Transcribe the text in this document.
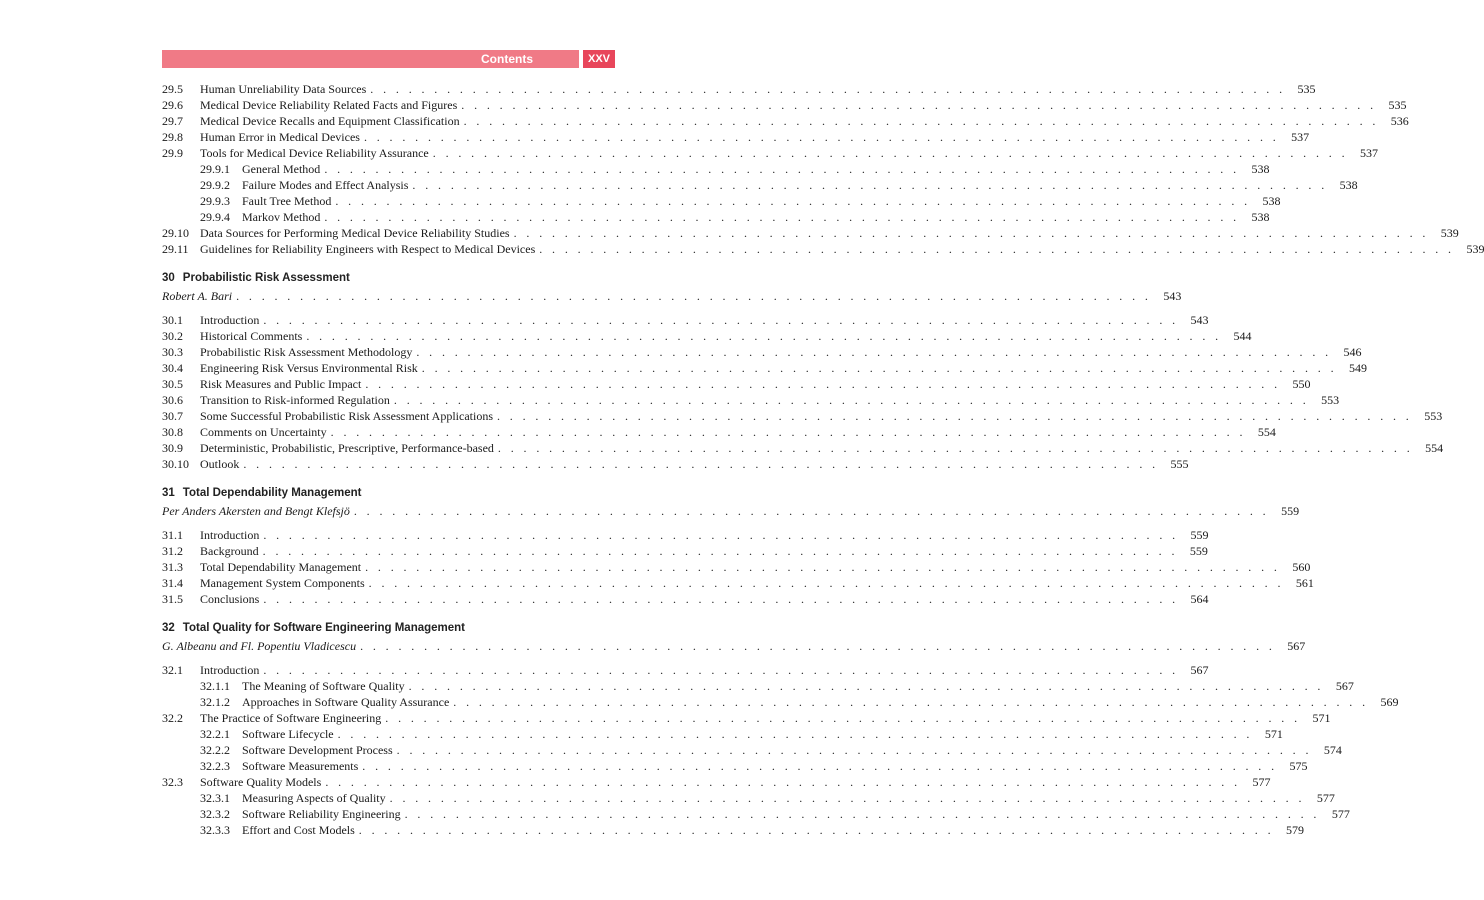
Contents	XXV
29.5 Human Unreliability Data Sources . . . . . . . . . . . . . . . . . . . . . . . . . . . . . . . . . . . . . . . . . . . . . . . . . . . . . . . . . . . . . . . . . . . . . . . .	535
29.6 Medical Device Reliability Related Facts and Figures . . . . . . . . . . . . . . . . . . . . . . . . . . . . . . . . . . . . . . . . . . . . . . . . . . . . . . . . . . . . . . . . . . . . . . . .	535
29.7 Medical Device Recalls and Equipment Classification . . . . . . . . . . . . . . . . . . . . . . . . . . . . . . . . . . . . . . . . . . . . . . . . . . . . . . . . . . . . . . . . . . . . . . . .	536
29.8 Human Error in Medical Devices . . . . . . . . . . . . . . . . . . . . . . . . . . . . . . . . . . . . . . . . . . . . . . . . . . . . . . . . . . . . . . . . . . . . . . . .	537
29.9 Tools for Medical Device Reliability Assurance . . . . . . . . . . . . . . . . . . . . . . . . . . . . . . . . . . . . . . . . . . . . . . . . . . . . . . . . . . . . . . . . . . . . . . . .	537
29.9.1 General Method . . . . . . . . . . . . . . . . . . . . . . . . . . . . . . . . . . . . . . . . . . . . . . . . . . . . . . . . . . . . . . . . . . . . . . . .	538
29.9.2 Failure Modes and Effect Analysis . . . . . . . . . . . . . . . . . . . . . . . . . . . . . . . . . . . . . . . . . . . . . . . . . . . . . . . . . . . . . . . . . . . . . . . .	538
29.9.3 Fault Tree Method . . . . . . . . . . . . . . . . . . . . . . . . . . . . . . . . . . . . . . . . . . . . . . . . . . . . . . . . . . . . . . . . . . . . . . . .	538
29.9.4 Markov Method . . . . . . . . . . . . . . . . . . . . . . . . . . . . . . . . . . . . . . . . . . . . . . . . . . . . . . . . . . . . . . . . . . . . . . . .	538
29.10 Data Sources for Performing Medical Device Reliability Studies . . . . . . . . . . . . . . . . . . . . . . . . . . . . . . . . . . . . . . . . . . . . . . . . . . . . . . . . . . . . . . . . . . . . . . . .	539
29.11 Guidelines for Reliability Engineers with Respect to Medical Devices . . . . . . . . . . . . . . . . . . . . . . . . . . . . . . . . . . . . . . . . . . . . . . . . . . . . . . . . . . . . . . . . . . . . . . . .	539
30 Probabilistic Risk Assessment
Robert A. Bari . . . . . . . . . . . . . . . . . . . . . . . . . . . . . . . . . . . . . . . . . . . . . . . . . . . . . . . . . . . . . . . . . . . . . . . .	543
30.1 Introduction . . . . . . . . . . . . . . . . . . . . . . . . . . . . . . . . . . . . . . . . . . . . . . . . . . . . . . . . . . . . . . . . . . . . . . . .	543
30.2 Historical Comments . . . . . . . . . . . . . . . . . . . . . . . . . . . . . . . . . . . . . . . . . . . . . . . . . . . . . . . . . . . . . . . . . . . . . . . .	544
30.3 Probabilistic Risk Assessment Methodology . . . . . . . . . . . . . . . . . . . . . . . . . . . . . . . . . . . . . . . . . . . . . . . . . . . . . . . . . . . . . . . . . . . . . . . .	546
30.4 Engineering Risk Versus Environmental Risk . . . . . . . . . . . . . . . . . . . . . . . . . . . . . . . . . . . . . . . . . . . . . . . . . . . . . . . . . . . . . . . . . . . . . . . .	549
30.5 Risk Measures and Public Impact . . . . . . . . . . . . . . . . . . . . . . . . . . . . . . . . . . . . . . . . . . . . . . . . . . . . . . . . . . . . . . . . . . . . . . . .	550
30.6 Transition to Risk-informed Regulation . . . . . . . . . . . . . . . . . . . . . . . . . . . . . . . . . . . . . . . . . . . . . . . . . . . . . . . . . . . . . . . . . . . . . . . .	553
30.7 Some Successful Probabilistic Risk Assessment Applications . . . . . . . . . . . . . . . . . . . . . . . . . . . . . . . . . . . . . . . . . . . . . . . . . . . . . . . . . . . . . . . . . . . . . . . .	553
30.8 Comments on Uncertainty . . . . . . . . . . . . . . . . . . . . . . . . . . . . . . . . . . . . . . . . . . . . . . . . . . . . . . . . . . . . . . . . . . . . . . . .	554
30.9 Deterministic, Probabilistic, Prescriptive, Performance-based . . . . . . . . . . . . . . . . . . . . . . . . . . . . . . . . . . . . . . . . . . . . . . . . . . . . . . . . . . . . . . . . . . . . . . . .	554
30.10 Outlook . . . . . . . . . . . . . . . . . . . . . . . . . . . . . . . . . . . . . . . . . . . . . . . . . . . . . . . . . . . . . . . . . . . . . . . .	555
31 Total Dependability Management
Per Anders Akersten and Bengt Klefsjö . . . . . . . . . . . . . . . . . . . . . . . . . . . . . . . . . . . . . . . . . . . . . . . . . . . . . . . . . . . . . . . . . . . . . . . .	559
31.1 Introduction . . . . . . . . . . . . . . . . . . . . . . . . . . . . . . . . . . . . . . . . . . . . . . . . . . . . . . . . . . . . . . . . . . . . . . . .	559
31.2 Background . . . . . . . . . . . . . . . . . . . . . . . . . . . . . . . . . . . . . . . . . . . . . . . . . . . . . . . . . . . . . . . . . . . . . . . .	559
31.3 Total Dependability Management . . . . . . . . . . . . . . . . . . . . . . . . . . . . . . . . . . . . . . . . . . . . . . . . . . . . . . . . . . . . . . . . . . . . . . . .	560
31.4 Management System Components . . . . . . . . . . . . . . . . . . . . . . . . . . . . . . . . . . . . . . . . . . . . . . . . . . . . . . . . . . . . . . . . . . . . . . . .	561
31.5 Conclusions . . . . . . . . . . . . . . . . . . . . . . . . . . . . . . . . . . . . . . . . . . . . . . . . . . . . . . . . . . . . . . . . . . . . . . . .	564
32 Total Quality for Software Engineering Management
G. Albeanu and Fl. Popentiu Vladicescu . . . . . . . . . . . . . . . . . . . . . . . . . . . . . . . . . . . . . . . . . . . . . . . . . . . . . . . . . . . . . . . . . . . . . . . .	567
32.1 Introduction . . . . . . . . . . . . . . . . . . . . . . . . . . . . . . . . . . . . . . . . . . . . . . . . . . . . . . . . . . . . . . . . . . . . . . . .	567
32.1.1 The Meaning of Software Quality . . . . . . . . . . . . . . . . . . . . . . . . . . . . . . . . . . . . . . . . . . . . . . . . . . . . . . . . . . . . . . . . . . . . . . . .	567
32.1.2 Approaches in Software Quality Assurance . . . . . . . . . . . . . . . . . . . . . . . . . . . . . . . . . . . . . . . . . . . . . . . . . . . . . . . . . . . . . . . . . . . . . . . .	569
32.2 The Practice of Software Engineering . . . . . . . . . . . . . . . . . . . . . . . . . . . . . . . . . . . . . . . . . . . . . . . . . . . . . . . . . . . . . . . . . . . . . . . .	571
32.2.1 Software Lifecycle . . . . . . . . . . . . . . . . . . . . . . . . . . . . . . . . . . . . . . . . . . . . . . . . . . . . . . . . . . . . . . . . . . . . . . . .	571
32.2.2 Software Development Process . . . . . . . . . . . . . . . . . . . . . . . . . . . . . . . . . . . . . . . . . . . . . . . . . . . . . . . . . . . . . . . . . . . . . . . .	574
32.2.3 Software Measurements . . . . . . . . . . . . . . . . . . . . . . . . . . . . . . . . . . . . . . . . . . . . . . . . . . . . . . . . . . . . . . . . . . . . . . . .	575
32.3 Software Quality Models . . . . . . . . . . . . . . . . . . . . . . . . . . . . . . . . . . . . . . . . . . . . . . . . . . . . . . . . . . . . . . . . . . . . . . . .	577
32.3.1 Measuring Aspects of Quality . . . . . . . . . . . . . . . . . . . . . . . . . . . . . . . . . . . . . . . . . . . . . . . . . . . . . . . . . . . . . . . . . . . . . . . .	577
32.3.2 Software Reliability Engineering . . . . . . . . . . . . . . . . . . . . . . . . . . . . . . . . . . . . . . . . . . . . . . . . . . . . . . . . . . . . . . . . . . . . . . . .	577
32.3.3 Effort and Cost Models . . . . . . . . . . . . . . . . . . . . . . . . . . . . . . . . . . . . . . . . . . . . . . . . . . . . . . . . . . . . . . . . . . . . . . . .	579
